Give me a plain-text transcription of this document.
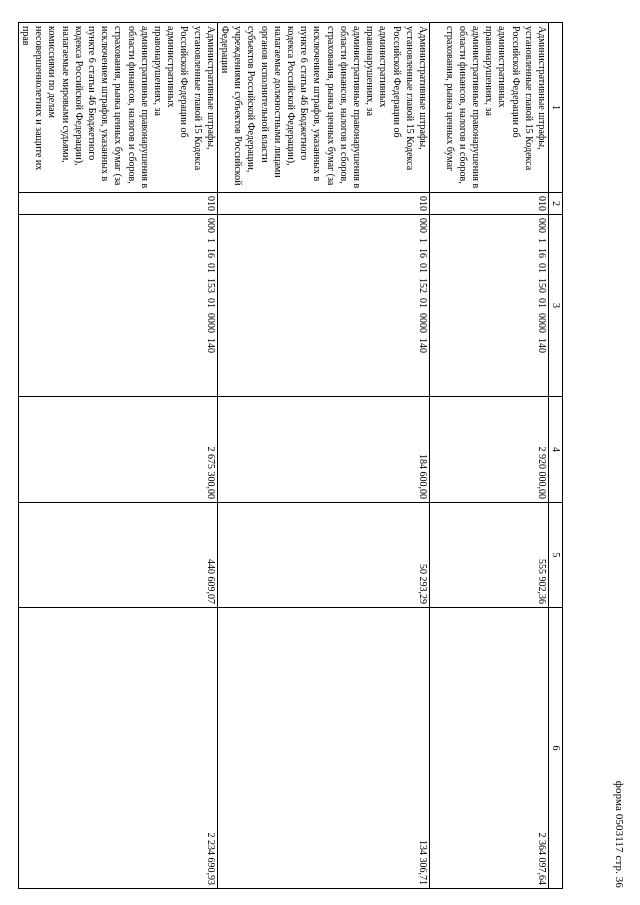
форма 0503117 стр. 36
1	2	3	4	5	6
Административные штрафы, установленные главой 15 Кодекса Российской Федерации об административных правонарушениях, за административные правонарушения в области финансов, налогов и сборов, страхования, рынка ценных бумаг	010	000  1  16  01  150  01  0000  140	2 920 000,00	555 902,36	2 364 097,64
Административные штрафы, установленные главой 15 Кодекса Российской Федерации об административных правонарушениях, за административные правонарушения в области финансов, налогов и сборов, страхования, рынка ценных бумаг (за исключением штрафов, указанных в пункте 6 статьи 46 Бюджетного кодекса Российской Федерации), налагаемые должностными лицами органов исполнительной власти субъектов Российской Федерации, учреждениями субъектов Российской Федерации	010	000  1  16  01  152  01  0000  140	184 600,00	50 293,29	134 306,71
Административные штрафы, установленные главой 15 Кодекса Российской Федерации об административных правонарушениях, за административные правонарушения в области финансов, налогов и сборов, страхования, рынка ценных бумаг (за исключением штрафов, указанных в пункте 6 статьи 46 Бюджетного кодекса Российской Федерации), налагаемые мировыми судьями, комиссиями по делам несовершеннолетних и защите их прав	010	000  1  16  01  153  01  0000  140	2 675 300,00	440 609,07	2 234 690,93
